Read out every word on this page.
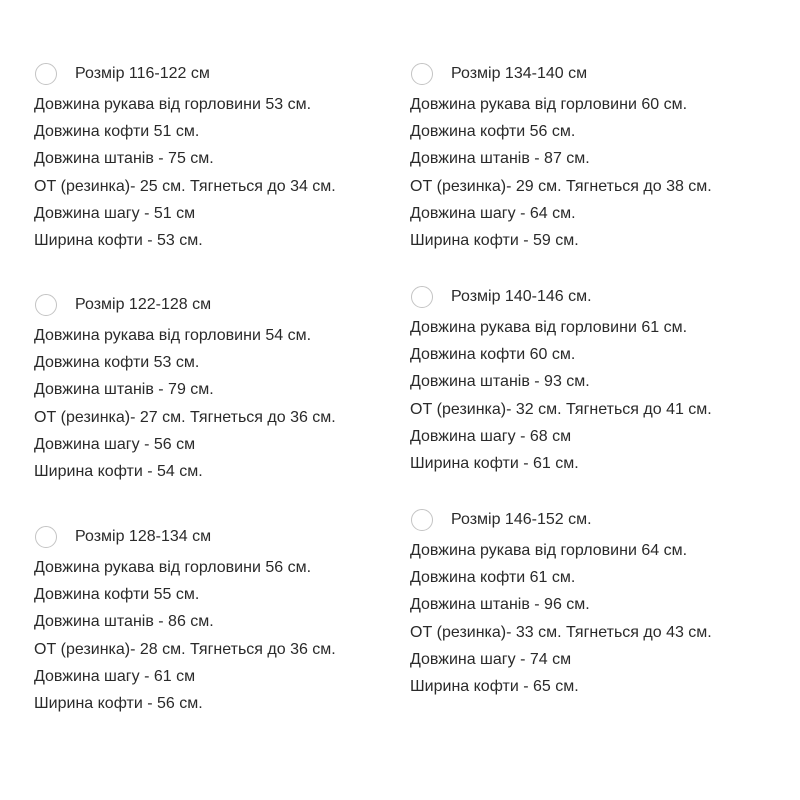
Розмір 116-122 см
Довжина рукава від горловини 53 см.
Довжина кофти 51 см.
Довжина штанів - 75 см.
ОТ (резинка)- 25 см. Тягнеться до 34 см.
Довжина шагу - 51 см
Ширина кофти - 53 см.
Розмір 122-128 см
Довжина рукава від горловини 54 см.
Довжина кофти 53 см.
Довжина штанів - 79 см.
ОТ (резинка)- 27 см. Тягнеться до 36 см.
Довжина шагу - 56 см
Ширина кофти - 54 см.
Розмір 128-134 см
Довжина рукава від горловини 56 см.
Довжина кофти 55 см.
Довжина штанів - 86 см.
ОТ (резинка)- 28 см. Тягнеться до 36 см.
Довжина шагу - 61 см
Ширина кофти - 56 см.
Розмір 134-140 см
Довжина рукава від горловини 60 см.
Довжина кофти 56 см.
Довжина штанів - 87 см.
ОТ (резинка)- 29 см. Тягнеться до 38 см.
Довжина шагу - 64 см.
Ширина кофти - 59 см.
Розмір 140-146 см.
Довжина рукава від горловини 61 см.
Довжина кофти 60 см.
Довжина штанів - 93 см.
ОТ (резинка)- 32 см. Тягнеться до 41 см.
Довжина шагу - 68 см
Ширина кофти - 61 см.
Розмір 146-152 см.
Довжина рукава від горловини 64 см.
Довжина кофти 61 см.
Довжина штанів - 96 см.
ОТ (резинка)- 33 см. Тягнеться до 43 см.
Довжина шагу - 74 см
Ширина кофти - 65 см.
